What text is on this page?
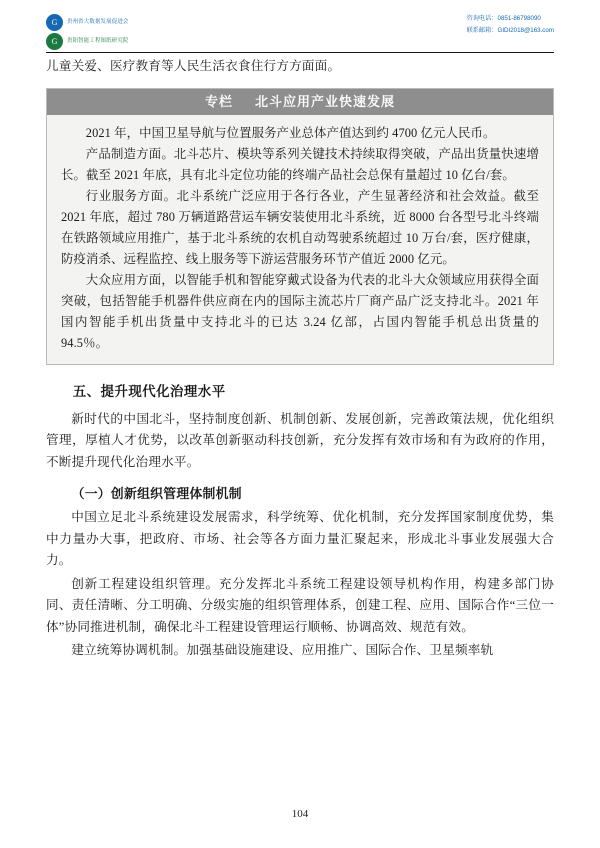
G	贵州省大数据发展促进会
G	贵阳智能工程图纸研究院
咨询电话：0851-86798090
联系邮箱：GIDI2018@163.com

儿童关爱、医疗教育等人民生活衣食住行方方面面。

专栏 北斗应用产业快速发展

2021 年，中国卫星导航与位置服务产业总体产值达到约 4700 亿元人民币。

产品制造方面。北斗芯片、模块等系列关键技术持续取得突破，产品出货量快速增长。截至 2021 年底，具有北斗定位功能的终端产品社会总保有量超过 10 亿台/套。

行业服务方面。北斗系统广泛应用于各行各业，产生显著经济和社会效益。截至 2021 年底，超过 780 万辆道路营运车辆安装使用北斗系统，近 8000 台各型号北斗终端在铁路领域应用推广，基于北斗系统的农机自动驾驶系统超过 10 万台/套，医疗健康，防疫消杀、远程监控、线上服务等下游运营服务环节产值近 2000 亿元。

大众应用方面，以智能手机和智能穿戴式设备为代表的北斗大众领域应用获得全面突破，包括智能手机器件供应商在内的国际主流芯片厂商产品广泛支持北斗。2021 年国内智能手机出货量中支持北斗的已达 3.24 亿部，占国内智能手机总出货量的 94.5％。

五、提升现代化治理水平

新时代的中国北斗，坚持制度创新、机制创新、发展创新，完善政策法规，优化组织管理，厚植人才优势，以改革创新驱动科技创新，充分发挥有效市场和有为政府的作用，不断提升现代化治理水平。

（一）创新组织管理体制机制

中国立足北斗系统建设发展需求，科学统筹、优化机制，充分发挥国家制度优势，集中力量办大事，把政府、市场、社会等各方面力量汇聚起来，形成北斗事业发展强大合力。

创新工程建设组织管理。充分发挥北斗系统工程建设领导机构作用，构建多部门协同、责任清晰、分工明确、分级实施的组织管理体系，创建工程、应用、国际合作“三位一体”协同推进机制，确保北斗工程建设管理运行顺畅、协调高效、规范有效。

建立统筹协调机制。加强基础设施建设、应用推广、国际合作、卫星频率轨

104
